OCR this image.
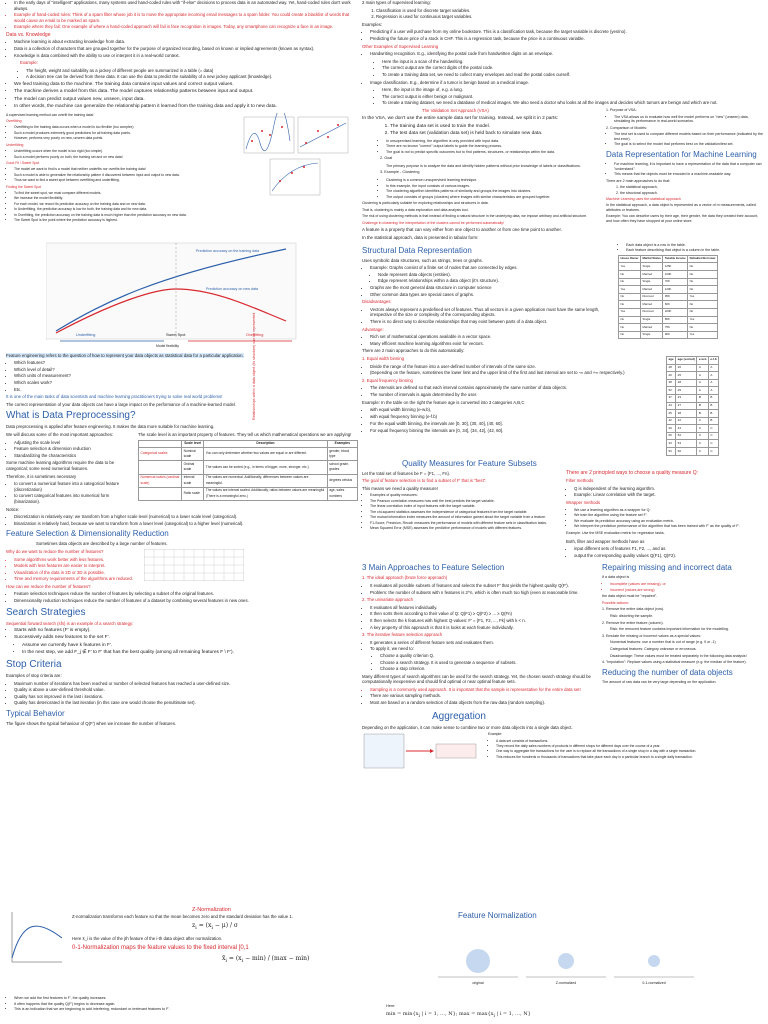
• In the early days of "intelligent" applications, many systems used hand-coded rules with "if-else" decisions to process data in an automated way. Yet, hand-coded rules don't work always.
• Example of hand-coded rules: Think of a spam filter whose job it is to move the appropriate incoming email messages to a spam folder. You could create a blacklist of words that would cause an email to be marked as spam.
• Example where they fail: One example of where a hand-coded approach will fail is face recognition in images. Today, any smartphone can recognize a face in an image.
Data vs. Knowledge
• Machine learning is about extracting knowledge from data.
• Data is a collection of characters that are grouped together for the purpose of organized recording, based on known or implied agreements (known as syntax).
• Knowledge is data combined with the ability to use or interpret it in a real-world context.

Example:

• The height, weight and suitability as a jockey of different people are summarized in a table (= data)
• A decision tree can be derived from these data. It can use the data to predict the suitability of a new jockey applicant (knowledge).
• We feed training data to the machine. The training data contains input values and correct output values.
• The machine derives a model from this data. The model captures relationship patterns between input and output.
• The model can predict output values new, unseen, input data.
• In other words, the machine can generalize the relationship pattern it learned from the training data and apply it to new data.

A supervised learning method can overfit the training data!

Overfitting

• Overfitting to the training data occurs when a model is too flexible (too complex)
• Such a model produces extremely good predictions for all training data points.
• However, performs very poorly on new, unseen data points.

Underfitting

• Underfitting occurs when the model is too rigid (too simple).
• Such a model performs poorly on both, the training set and on new data!

Good Fit / Sweet Spot

• The model we want to find is a model that neither underfits nor overfits the training data!
• Such a model is able to generalize the relationship pattern it discovered between input and output to new data.
• Thus we want to find a sweet spot between overfitting and underfitting.

Finding the Sweet Spot

• To find the sweet spot, we must compare different models.
• We increase the model flexibility.
• For each model, we record its prediction accuracy on the training data and on new data.
• In Underfitting, the prediction accuracy is low for both, the training data and for new data.
• In Overfitting, the prediction accuracy on the training data is much higher than the prediction accuracy on new data.
• The Sweet Spot is the point where the prediction accuracy is highest.
Prediction accuracy on the training data
Prediction accuracy on new data
Underfitting	Sweet Spot	Overfitting
Model flexibility

Feature engineering refers to the question of how to represent your data objects as statistical data for a particular application.

• Which features?
• Which level of detail?
• Which units of measurement?
• Which scales work?
• Etc.

It is one of the main tasks of data scientists and machine learning practitioners trying to solve real world problems!

The correct representation of your data objects can have a large impact on the performance of a machine-learned model.

What is Data Preprocessing?

Data preprocessing is applied after feature engineering. It makes the data more suitable for machine learning.

We will discuss some of the most important approaches:

• Adjusting the scale level
• Feature selection & dimension reduction
• Standardizing the characteristics

Some machine learning algorithms require the data to be categorical; some need numerical features.

Therefore, it is sometimes necessary

• to convert a numerical feature into a categorical feature (discretization)
• to convert categorical features into numerical form (binarization).

The scale level is an important property of features. They tell us which mathematical operations we are applying!

	Scale level	Description	Examples
Categorical scales	Nominal scale	You can only determine whether two values are equal or are different.	gender, blood type
	Ordinal scale	The values can be sorted (e.g., in terms of bigger, more, stronger, etc.)	school grade, grades
Numerical scales (cardinal scale)	Interval scale	The values are numerical. Additionally, differences between values are meaningful.	degrees celsius
	Ratio scale	The values are interval scaled. Additionally, ratios between values are meaningful (There is a meaningful zero.)	age, sales numbers

Notice:

• Discretization is relatively easy: we transform from a higher scale level (numerical) to a lower scale level (categorical).
• Binarization is relatively hard, because we want to transform from a lower level (categorical) to a higher level (numerical).
Feature Selection & Dimensionality Reduction

Sometimes data objects are described by a large number of features.

Why do we want to reduce the number of features?

• Some algorithms work better with less features.
• Models with less features are easier to interpret.
• Visualization of the data in 2D or 3D is possible.
• Time and memory requirements of the algorithms are reduced.

How can we reduce the number of features?

• Feature selection techniques reduce the number of features by selecting a subset of the original features.
• Dimensionality reduction techniques reduce the number of features of a dataset by combining several features in new ones.
Search Strategies

Sequential forward search (sfs) is an example of a search strategy:

• Starts with no features (F' is empty).
• Successively adds new features to the set F'.
• Assume we currently have k features in F'.
• In the next step, we add F_j ∉ F' to F' that has the best quality (among all remaining features F \ F').
Stop Criteria

Examples of stop criteria are:

• Maximum number of iterations has been reached or number of selected features has reached a user-defined size.
• Quality is above a user-defined threshold value.
• Quality has not improved in the last i iterations.
• Quality has deteriorated in the last iteration (in this case one would choose the penultimate set).
Typical Behavior

The figure shows the typical behaviour of Q(F') when we increase the number of features.

2 main types of supervised learning:

1. Classification is used for discrete target variables.
2. Regression is used for continuous target variables.

Examples:

• Predicting if a user will purchase from my online bookstore. This is a classification task, because the target variable is discrete (yes/no).
• Predicting the future price of a stock in CHF. This is a regression task, because the price is a continuous variable.

Other Examples of Supervised Learning

• Handwriting recognition. E.g., identifying the postal code from handwritten digits on an envelope.
• Here the input is a scan of the handwriting.
• The correct output are the correct digits of the postal code.
• To create a training data set, we need to collect many envelopes and read the postal codes ourself.
• Image classification. E.g., determine if a tumor is benign based on a medical image.
• Here, the input is the image of, e.g. a lung.
• The correct output is either benign or malignant.
• To create a training dataset, we need a database of medical images. We also need a doctor who looks at all the images and decides which tumors are benign and which are not.

The Validation Set Approach (VSA)

In the VSA, we don't use the entire sample data set for training. Instead, we split it in 2 parts:

1. The training data set is used to train the model.
2. The test data set (validation data set) is held back to simulate new data.
• In unsupervised learning, the algorithm is only provided with input data.
• There are no known "correct" output labels to guide the learning process.
• The goal is not to predict specific outcomes but to find patterns, structures, or relationships within the data.

2. Goal

The primary purpose is to analyze the data and identify hidden patterns without prior knowledge of labels or classifications.

3. Example - Clustering

• Clustering is a common unsupervised learning technique.
• In this example, the input consists of various images.
• The clustering algorithm identifies patterns of similarity and groups the images into clusters.
• The output consists of groups (clusters) where images with similar characteristics are grouped together.

Clustering is particularly suitable for exploring relationships and structures in data.

That is, clustering is mainly a data exploration and data analysis tool.

The risk of using clustering methods is that instead of finding a natural structure in the underlying data, we impose arbitrary and artificial structure.

Challenge in clustering: the interpretation of the clusters cannot be performed automatically!

1. Purpose of VSA:

• The VSA allows us to evaluate how well the model performs on "new" (unseen) data, simulating its performance in real-world scenarios.

2. Comparison of Models:

• The test set is used to compare different models based on their performance (indicated by the test error).
• The goal is to select the model that performs best on the validation/test set.
Data Representation for Machine Learning
• For machine learning, it is important to have a representation of the data that a computer can "understand".
• This means that the objects must be encoded in a machine-readable way.

There are 2 main approaches to do that:

1. the statistical approach,
2. the structural approach.

Machine Learning uses the statistical approach

In the statistical approach, a data object is represented as a vector of m measurements, called attributes or features.

Example: You can describe users by their age, their gender, the data they created their account, and how often they have shopped at your online store.

A feature is a property that can vary either from one object to another or from one time point to another.

In the statistical approach, data is presented in tabular form:

Structural Data Representation

Uses symbolic data structures, such as strings, trees or graphs.

• Example: Graphs consist of a finite set of nodes that are connected by edges.
• Node represent data objects (entities).
• Edge represent relationships within a data object (it's structure).
• Graphs are the most general data structure in computer science
• Other common data types are special cases of graphs.

Disadvantages:

• Vectors always represent a predefined set of features. Thus all vectors in a given application must have the same length, irrespective of the size or complexity of the corresponding objects.
• There is no direct way to describe relationships that may exist between parts of a data object.

Advantage:

• Rich set of mathematical operations available in a vector space.
• Many efficient machine learning algorithms exist for vectors.
• Each data object is a row in the table.
• Each feature describing that object is a column in the table.
House Owner	Marital Status	Taxable Income	Defaulted Borrower
Yes	Single	125K	No
No	Married	100K	No
No	Single	70K	No
Yes	Married	120K	No
No	Divorced	95K	Yes
No	Married	60K	No
Yes	Divorced	220K	No
No	Single	85K	Yes
No	Married	75K	No
No	Single	90K	Yes

There are 2 main approaches to do this automatically:

1. Equal width binning

• Divide the range of the feature into a user-defined number of intervals of the same size.
• (Depending on the feature, sometimes the lower limit and the upper limit of the first and last interval are set to -∞ and +∞ respectively.)

2. Equal frequency binning

• The intervals are defined so that each interval contains approximately the same number of data objects.
• The number of intervals is again determined by the user.

Example: In the table on the right the feature age is converted into 3 categories A,B,C

• with equal width binning (e-w.b),
• with equal frequency binning (e-f.b)
• For the equal width binning, the intervals are [0, 30], (30, 40], (40, 60].
• For equal frequency binning the intervals are [0, 34], (34, 42], (42, 60].
age	age (sorted)	e-w.b	e-f.b
28	20	A	A
20	25	A	A
38	28	A	A
52	29	A	A
37	33	B	B
44	37	B	B
25	38	B	B
42	42	C	B
29	44	C	C
60	52	C	C
33	53	C	C
53	60	C	C
Quality Measures for Feature Subsets

Let the total set of features be F = {F1, ..., Fn}.

The goal of feature selection is to find a subset of F' that is "best".

This means we need a quality measure!

• Examples of quality measures:
• The Pearson correlation measures how well the best predicts the target variable.
• The linear correlation index of input features with the target variable.
• The chi-squared statistics assesses the independence of categorical features from the target variable.
• The mutual information index measures the amount of information gained about the target variable from a feature.
• F1-Score, Precision, Recall: measures the performance of models with different feature sets in classification tasks.
• Mean Squared Error (MSE) assesses the predictive performance of models with different features.

There are 2 principled ways to choose a quality measure Q:

Filter methods

• Q is independent of the learning algorithm.
• Example: Linear correlation with the target.

Wrapper methods

• We use a learning algorithm as a wrapper for Q:
• We train the algorithm using the feature set F'.
• We evaluate its prediction accuracy using an evaluation metric.
• We interpret the prediction performance of the algorithm that has been trained with F' as the quality of F'.

Example: Use the MSE evaluation metric for regression tasks.

Both, filter and wrapper methods have as

• input different sets of features F1, F2, ..., and as
• output the corresponding quality values Q(F1), Q(F2).
3 Main Approaches to Feature Selection

1. The ideal approach (brute force approach)

• It evaluates all possible subsets of features and selects the subset F' that yields the highest quality Q(F').
• Problem: the number of subsets with n features is 2^n, which is often much too high (even at reasonable time.

2. The univariate approach

• It evaluates all features individually.
• It then sorts them according to their value of Q: Q(F1) ≥ Q(F2) ≥ ... ≥ Q(Fn)
• It then selects the k features with highest Q-values: F' = {F1, F2, ..., Fk} with k < n.
• A key property of this approach is that it is looks at each feature individually.

3. The iterative feature selection approach

• It generates a series of different feature sets and evaluates them.
• To apply it, we need to:
• Choose a quality criterion Q.
• Choose a search strategy. It is used to generate a sequence of subsets.
• Choose a stop criterion.

Many different types of search algorithms can be used for the search strategy. Yet, the chosen search strategy should be computationally inexpensive and should find optimal or near optimal feature sets.

Repairing missing and incorrect data

If a data object is

• incomplete (values are missing), or
• incorrect (values are wrong)

the data object must be "repaired".

Possible actions:

1. Remove the entire data object (row).

Risk: distorting the sample.

2. Remove the entire feature (column).

Risk: the removed feature contains important information for the modelling.

3. Emulate the missing or incorrect values as a special values:

Numerical features: use a number that is out of range (e.g. 0 or -1)

Categorical features: Category unknown or erroneous.

Disadvantage: These values must be treated separately in the following data analysis!

4. "Imputation": Replace values using a statistical measure (e.g. the median of the feature).

Reducing the number of data objects

The amount of raw data can be very large depending on the application.

• Sampling is a commonly used approach. It is important that the sample is representative for the entire data set!
• There are various sampling methods.
• Most are based on a random selection of data objects from the raw data (random sampling).
Aggregation

Depending on the application, it can make sense to combine two or more data objects into a single data object.

Example:

• A data set consists of transactions.
• They record the daily sales numbers of products in different shops for different days over the course of a year.
• One way to aggregate the transactions for the user is to replace all the transactions of a single shop in a day with a single transaction.
• This reduces the hundreds or thousands of transactions that take place each day in a particular branch to a single daily transaction.
Relationships within a data object (its structure) can be represented
Z-Normalization

Z-normalization transforms each feature so that the mean becomes zero and the standard deviation has the value 1.

$z_i = (x_i - \mu) / \sigma$

Here x̄_i is the value of the jth feature of the i-th data object after normalization.

0-1-Normalization maps the feature values to the fixed interval [0,1

$x̃_i = (x_i - \min) / (\max - \min)$
Feature Normalization
original	Z-normalized	0-1-normalized
• When we add the first features to F', the quality increases.
• It often happens that the quality Q(F') begins to decrease again.
• This is an indication that we are beginning to add interfering, redundant or irrelevant features to F'.
Here:
$\min = \min\{x_i$ | i = 1, …, N}; $\max = \max\{x_i$ | i = 1, …, N}
